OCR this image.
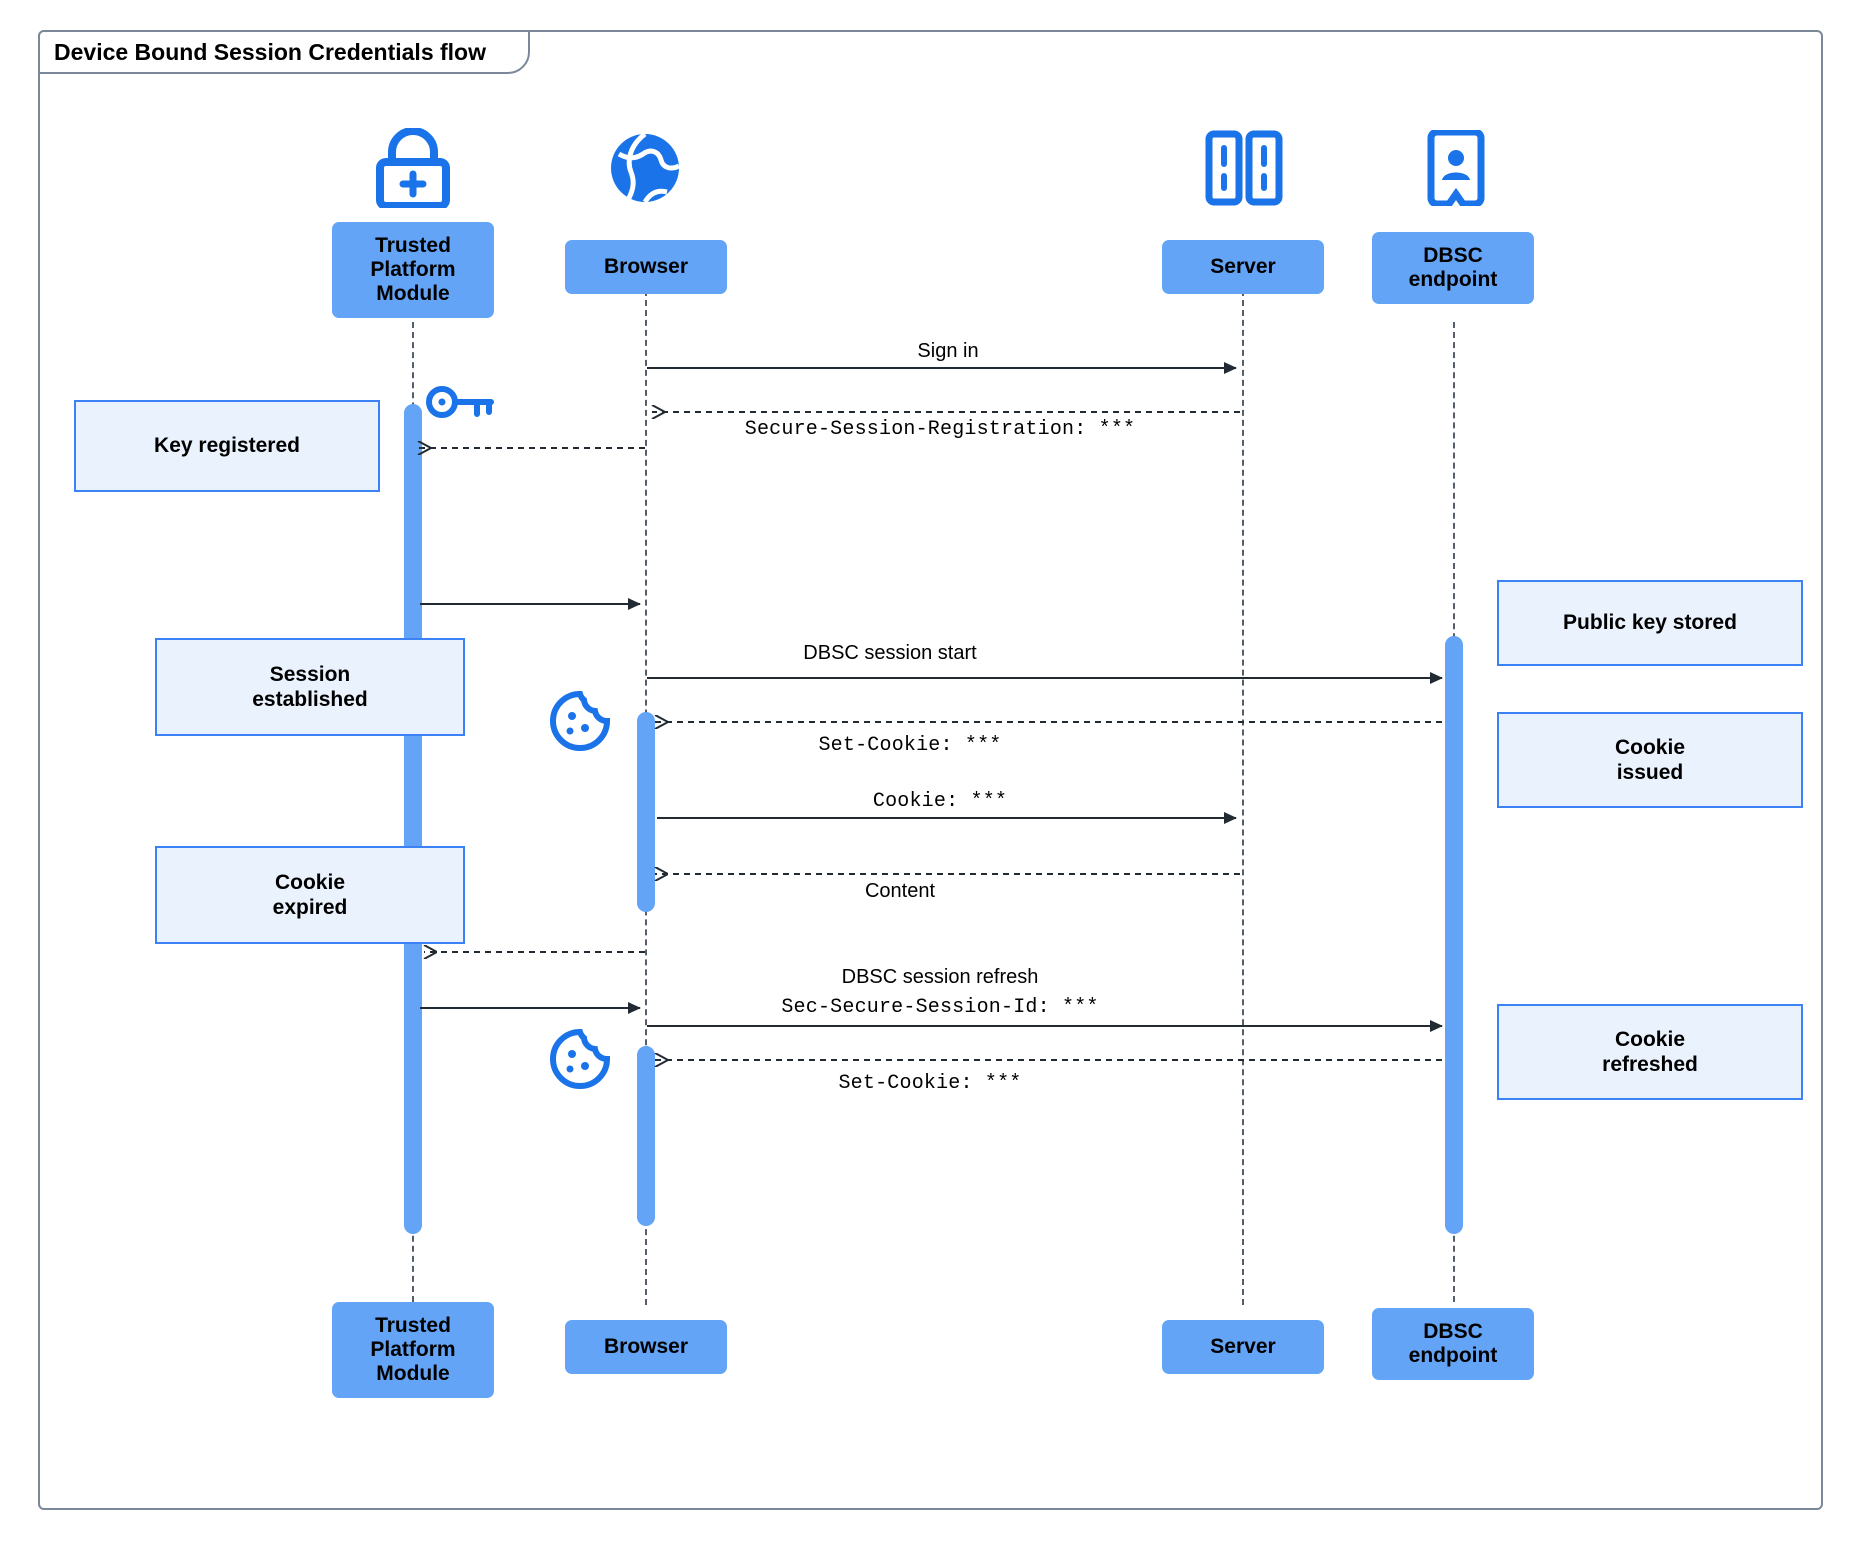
Device Bound Session Credentials flow
Trusted
Platform
Module
Browser	Server	DBSC
endpoint
Trusted
Platform
Module
Browser	Server
DBSC
endpoint
Sign in
Secure-Session-Registration: ***
DBSC session start
Set-Cookie: ***
Cookie: ***
Content
DBSC session refresh
Sec-Secure-Session-Id: ***
Set-Cookie: ***
Key registered
Session
established
Cookie
expired
Public key stored
Cookie
issued
Cookie
refreshed
